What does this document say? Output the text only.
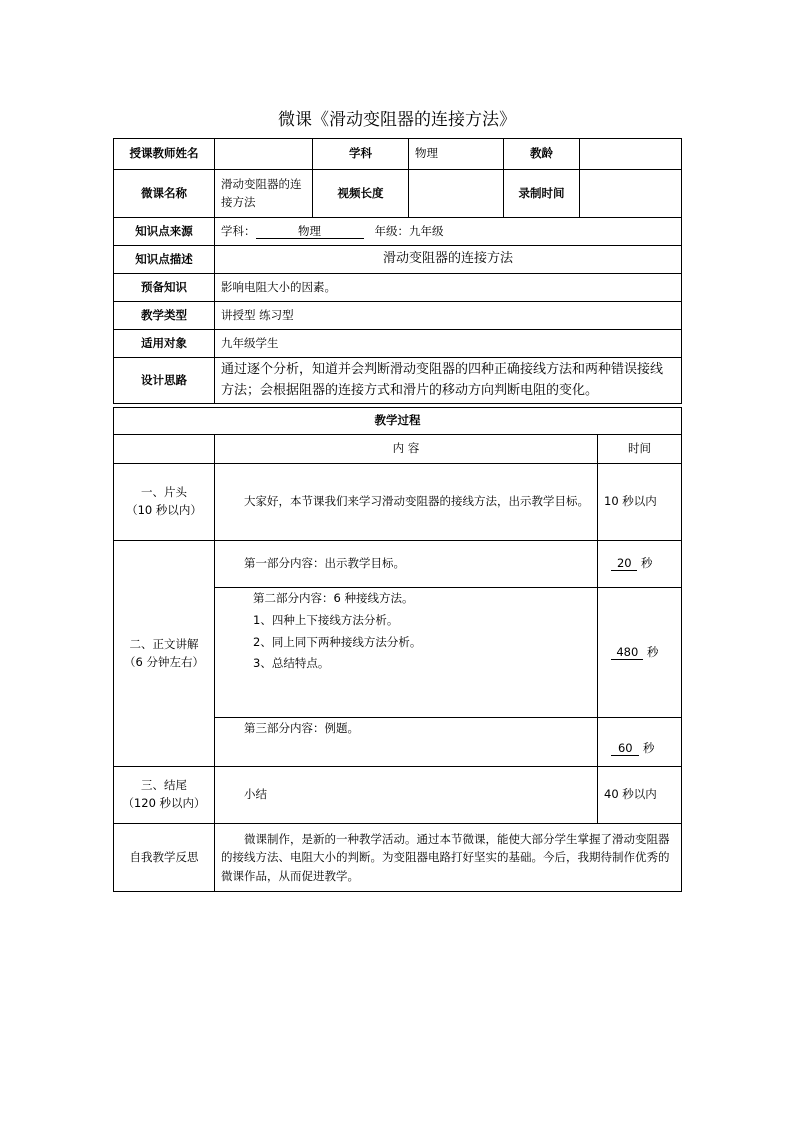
微课《滑动变阻器的连接方法》
授课教师姓名		学科	物理	教龄	
微课名称	滑动变阻器的连接方法	视频长度		录制时间	
知识点来源	学科： 物理 年级：九年级				
知识点描述	滑动变阻器的连接方法				
预备知识	影响电阻大小的因素。				
教学类型	讲授型 练习型				
适用对象	九年级学生				
设计思路	通过逐个分析，知道并会判断滑动变阻器的四种正确接线方法和两种错误接线方法；会根据阻器的连接方式和滑片的移动方向判断电阻的变化。				
教学过程		
	内 容	时间

一、片头
（10 秒以内）	大家好，本节课我们来学习滑动变阻器的接线方法，出示教学目标。	10 秒以内

二、正文讲解
（6 分钟左右）	第一部分内容：出示教学目标。	20 秒

	第二部分内容：6 种接线方法。
1、四种上下接线方法分析。
2、同上同下两种接线方法分析。
3、总结特点。	480 秒
	第三部分内容：例题。	60 秒

三、结尾
（120 秒以内）	小结	40 秒以内
自我教学反思	微课制作，是新的一种教学活动。通过本节微课，能使大部分学生掌握了滑动变阻器的接线方法、电阻大小的判断。为变阻器电路打好坚实的基础。今后，我期待制作优秀的微课作品，从而促进教学。	
